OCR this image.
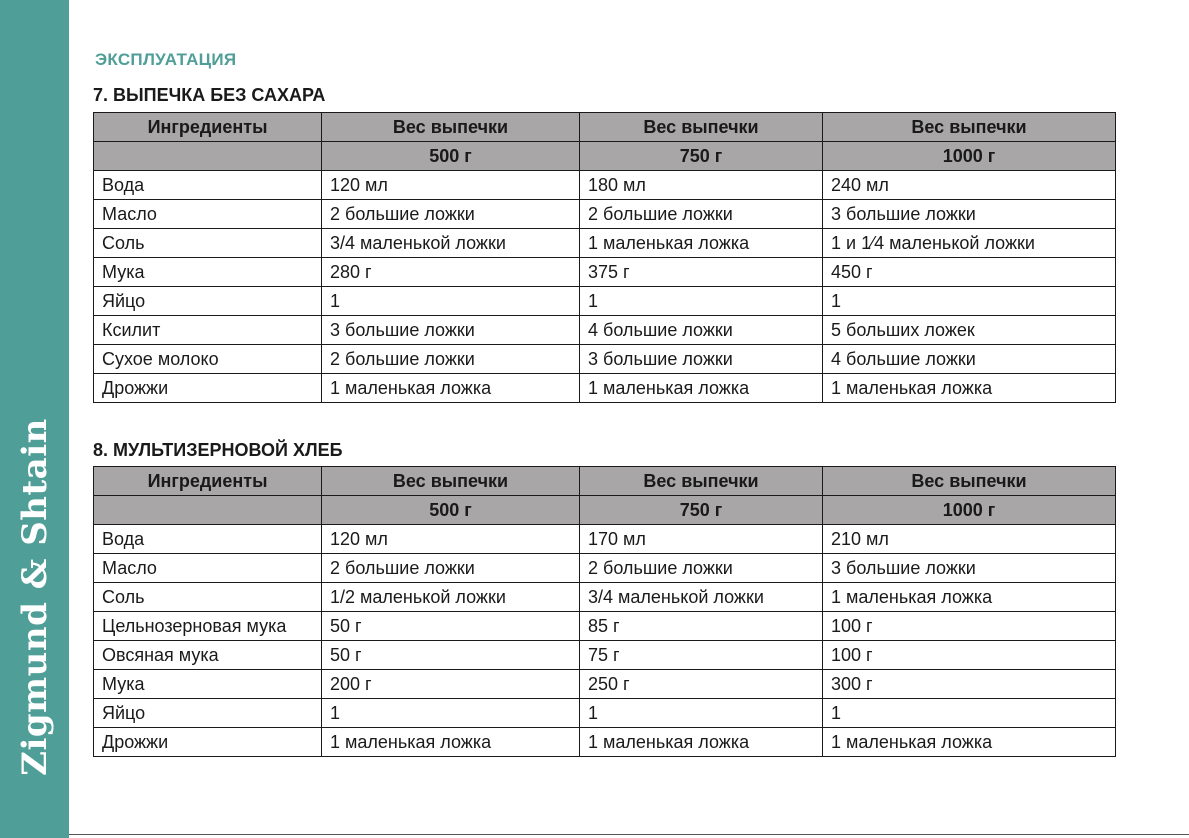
Zigmund & Shtain
ЭКСПЛУАТАЦИЯ
7. ВЫПЕЧКА БЕЗ САХАРА
Ингредиенты	Вес выпечки	Вес выпечки	Вес выпечки
	500 г	750 г	1000 г
Вода	120 мл	180 мл	240 мл
Масло	2 большие ложки	2 большие ложки	3 большие ложки
Соль	3/4 маленькой ложки	1 маленькая ложка	1 и 1⁄4 маленькой ложки
Мука	280 г	375 г	450 г
Яйцо	1	1	1
Ксилит	3 большие ложки	4 большие ложки	5 больших ложек
Сухое молоко	2 большие ложки	3 большие ложки	4 большие ложки
Дрожжи	1 маленькая ложка	1 маленькая ложка	1 маленькая ложка
8. МУЛЬТИЗЕРНОВОЙ ХЛЕБ
Ингредиенты	Вес выпечки	Вес выпечки	Вес выпечки
	500 г	750 г	1000 г
Вода	120 мл	170 мл	210 мл
Масло	2 большие ложки	2 большие ложки	3 большие ложки
Соль	1/2 маленькой ложки	3/4 маленькой ложки	1 маленькая ложка
Цельнозерновая мука	50 г	85 г	100 г
Овсяная мука	50 г	75 г	100 г
Мука	200 г	250 г	300 г
Яйцо	1	1	1
Дрожжи	1 маленькая ложка	1 маленькая ложка	1 маленькая ложка
